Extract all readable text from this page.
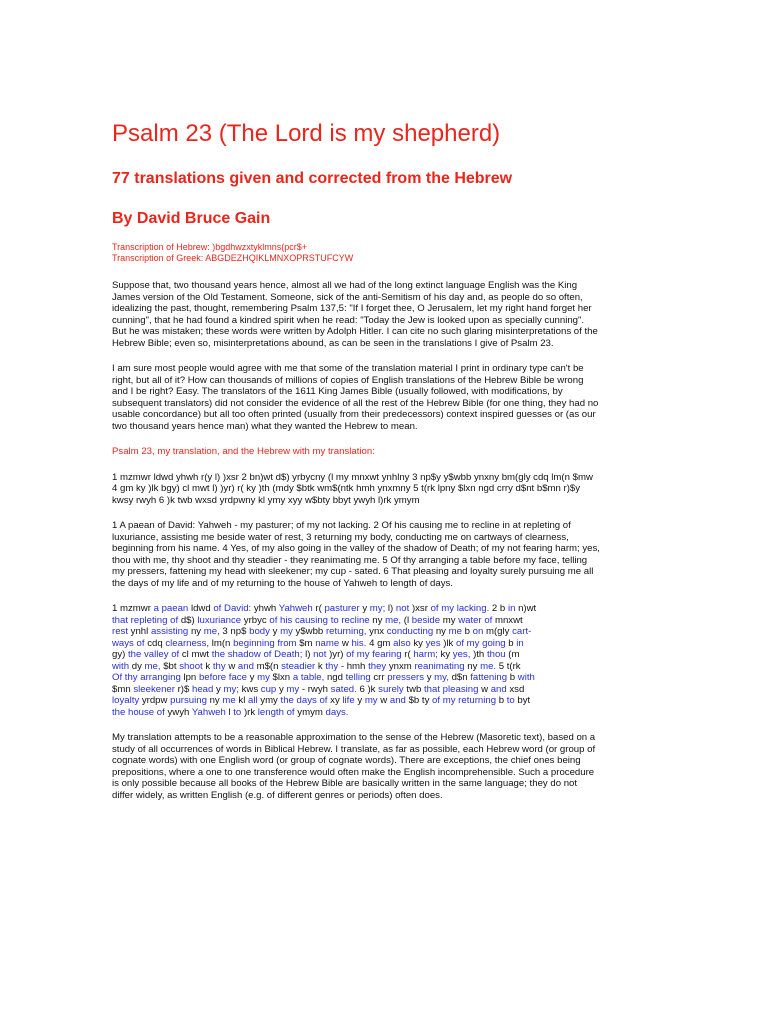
Psalm 23 (The Lord is my shepherd)
77 translations given and corrected from the Hebrew
By David Bruce Gain
Transcription of Hebrew: )bgdhwzxtyklmns(pcr$+
Transcription of Greek: ABGDEZHQIKLMNXOPRSTUFCYW

Suppose that, two thousand years hence, almost all we had of the long extinct language English was the King James version of the Old Testament. Someone, sick of the anti-Semitism of his day and, as people do so often, idealizing the past, thought, remembering Psalm 137,5: "If I forget thee, O Jerusalem, let my right hand forget her cunning", that he had found a kindred spirit when he read: "Today the Jew is looked upon as specially cunning". But he was mistaken; these words were written by Adolph Hitler. I can cite no such glaring misinterpretations of the Hebrew Bible; even so, misinterpretations abound, as can be seen in the translations I give of Psalm 23.

I am sure most people would agree with me that some of the translation material I print in ordinary type can't be right, but all of it? How can thousands of millions of copies of English translations of the Hebrew Bible be wrong and I be right? Easy. The translators of the 1611 King James Bible (usually followed, with modifications, by subsequent translators) did not consider the evidence of all the rest of the Hebrew Bible (for one thing, they had no usable concordance) but all too often printed (usually from their predecessors) context inspired guesses or (as our two thousand years hence man) what they wanted the Hebrew to mean.

Psalm 23, my translation, and the Hebrew with my translation:

1 mzmwr ldwd yhwh r(y l) )xsr 2 bn)wt d$) yrbycny (l my mnxwt ynhlny 3 np$y y$wbb ynxny bm(gly cdq lm(n $mw 4 gm ky )lk bgy) cl mwt l) )yr) r( ky )th (mdy $btk wm$(ntk hmh ynxmny 5 t(rk lpny $lxn ngd crry d$nt b$mn r)$y kwsy rwyh 6 )k twb wxsd yrdpwny kl ymy xyy w$bty bbyt ywyh l)rk ymym

1 A paean of David: Yahweh - my pasturer; of my not lacking. 2 Of his causing me to recline in at repleting of luxuriance, assisting me beside water of rest, 3 returning my body, conducting me on cartways of clearness, beginning from his name. 4 Yes, of my also going in the valley of the shadow of Death; of my not fearing harm; yes, thou with me, thy shoot and thy steadier - they reanimating me. 5 Of thy arranging a table before my face, telling my pressers, fattening my head with sleekener; my cup - sated. 6 That pleasing and loyalty surely pursuing me all the days of my life and of my returning to the house of Yahweh to length of days.

1 mzmwr a paean ldwd of David: yhwh Yahweh r( pasturer y my; l) not )xsr of my lacking. 2 b in n)wt

that repleting of d$) luxuriance yrbyc of his causing to recline ny me, (l beside my water of mnxwt

rest ynhl assisting ny me, 3 np$ body y my y$wbb returning, ynx conducting ny me b on m(gly cart-

ways of cdq clearness, lm(n beginning from $m name w his. 4 gm also ky yes )lk of my going b in

gy) the valley of cl mwt the shadow of Death; l) not )yr) of my fearing r( harm; ky yes, )th thou (m

with dy me, $bt shoot k thy w and m$(n steadier k thy - hmh they ynxm reanimating ny me. 5 t(rk

Of thy arranging lpn before face y my $lxn a table, ngd telling crr pressers y my, d$n fattening b with

$mn sleekener r)$ head y my; kws cup y my - rwyh sated. 6 )k surely twb that pleasing w and xsd

loyalty yrdpw pursuing ny me kl all ymy the days of xy life y my w and $b ty of my returning b to byt

the house of ywyh Yahweh l to )rk length of ymym days.

My translation attempts to be a reasonable approximation to the sense of the Hebrew (Masoretic text), based on a study of all occurrences of words in Biblical Hebrew. I translate, as far as possible, each Hebrew word (or group of cognate words) with one English word (or group of cognate words). There are exceptions, the chief ones being prepositions, where a one to one transference would often make the English incomprehensible. Such a procedure is only possible because all books of the Hebrew Bible are basically written in the same language; they do not differ widely, as written English (e.g. of different genres or periods) often does.
